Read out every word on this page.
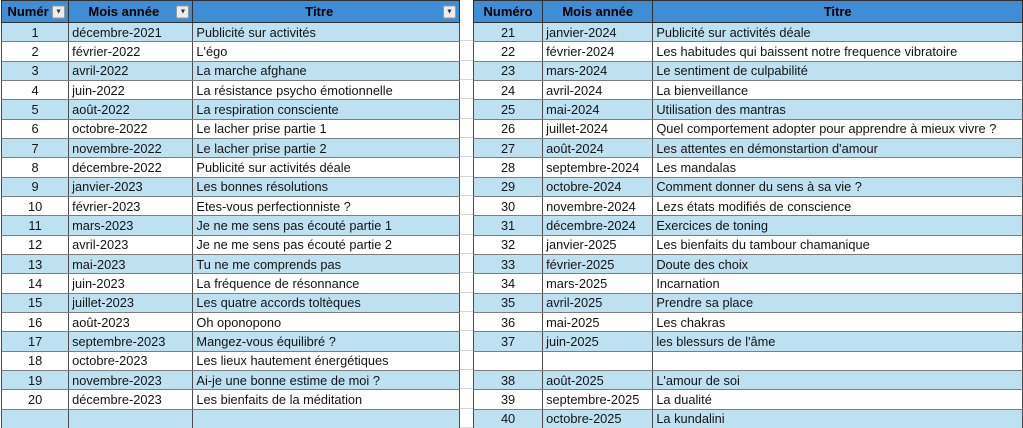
Numér ▼	Mois année ▼	Titre ▼

1	décembre-2021	Publicité sur activités
2	février-2022	L'égo
3	avril-2022	La marche afghane
4	juin-2022	La résistance psycho émotionnelle
5	août-2022	La respiration consciente
6	octobre-2022	Le lacher prise partie 1
7	novembre-2022	Le lacher prise partie 2
8	décembre-2022	Publicité sur activités déale
9	janvier-2023	Les bonnes résolutions
10	février-2023	Etes-vous perfectionniste ?
11	mars-2023	Je ne me sens pas écouté partie 1
12	avril-2023	Je ne me sens pas écouté partie 2
13	mai-2023	Tu ne me comprends pas
14	juin-2023	La fréquence de résonnance
15	juillet-2023	Les quatre accords toltèques
16	août-2023	Oh oponopono
17	septembre-2023	Mangez-vous équilibré ?
18	octobre-2023	Les lieux hautement énergétiques
19	novembre-2023	Ai-je une bonne estime de moi ?
20	décembre-2023	Les bienfaits de la méditation

Numéro	Mois année	Titre
21	janvier-2024	Publicité sur activités déale
22	février-2024	Les habitudes qui baissent notre frequence vibratoire
23	mars-2024	Le sentiment de culpabilité
24	avril-2024	La bienveillance
25	mai-2024	Utilisation des mantras
26	juillet-2024	Quel comportement adopter pour apprendre à mieux vivre ?
27	août-2024	Les attentes en démonstartion d'amour
28	septembre-2024	Les mandalas
29	octobre-2024	Comment donner du sens à sa vie ?
30	novembre-2024	Lezs états modifiés de conscience
31	décembre-2024	Exercices de toning
32	janvier-2025	Les bienfaits du tambour chamanique
33	février-2025	Doute des choix
34	mars-2025	Incarnation
35	avril-2025	Prendre sa place
36	mai-2025	Les chakras
37	juin-2025	les blessurs de l'âme

38	août-2025	L'amour de soi
39	septembre-2025	La dualité
40	octobre-2025	La kundalini
